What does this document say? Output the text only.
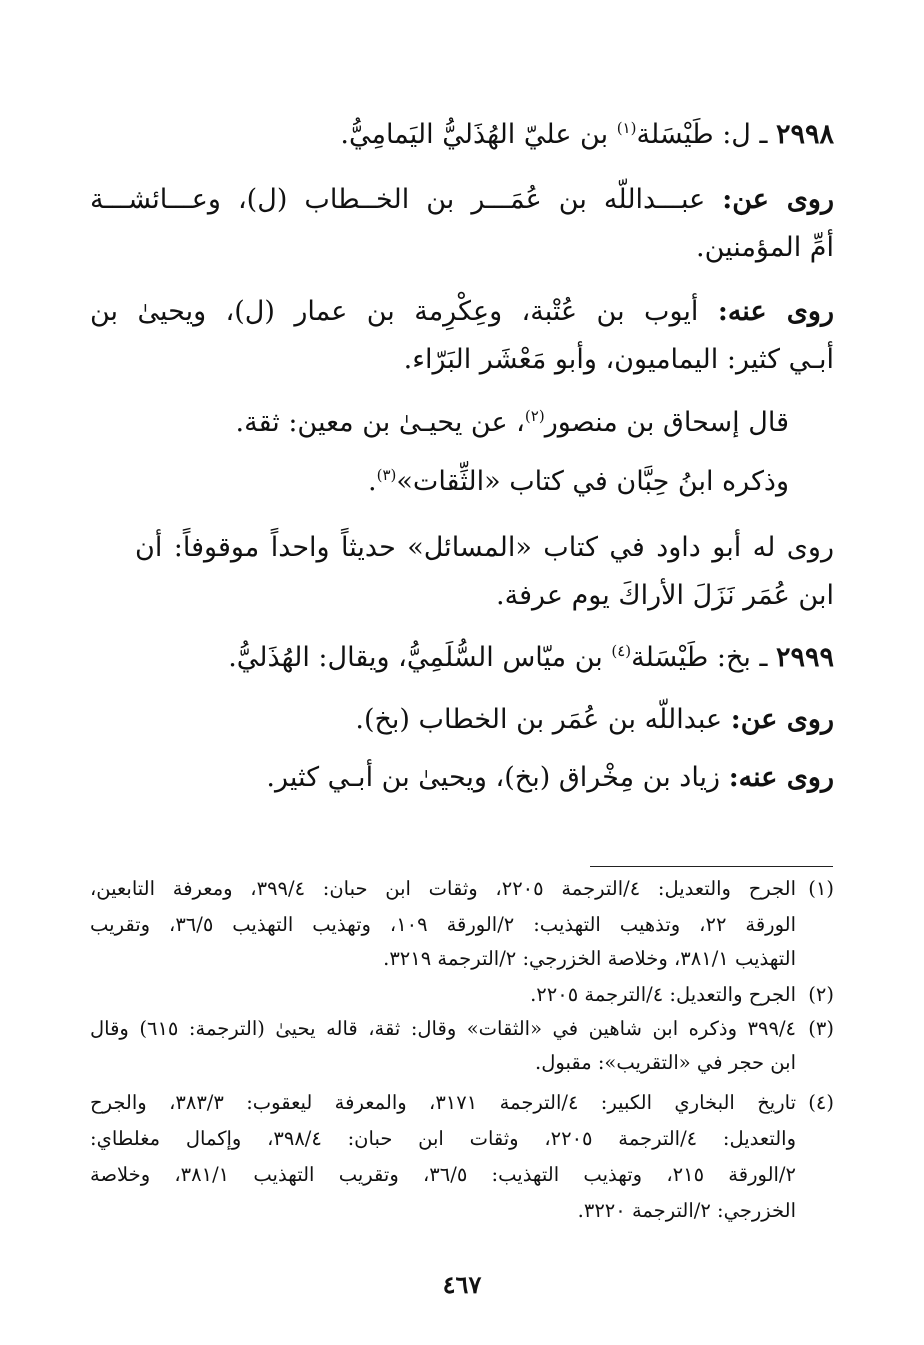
٢٩٩٨ ـ ل: طَيْسَلة$^{(١)}$ بن عليّ الهُذَليُّ اليَمامِيُّ.
روى عن: عبـــداللّه بن عُمَـــر بن الخــطاب (ل)، وعـــائشـــة
أمِّ المؤمنين.
روى عنه: أيوب بن عُتْبة، وعِكْرِمة بن عمار (ل)، ويحيىٰ بن
أبـي كثير: اليماميون، وأبو مَعْشَر البَرّاء.
قال إسحاق بن منصور$^{(٢)}$، عن يحيـىٰ بن معين: ثقة.
وذكره ابنُ حِبَّان في كتاب «الثِّقات»$^{(٣)}$.
روى له أبو داود في كتاب «المسائل» حديثاً واحداً موقوفاً: أن
ابن عُمَر نَزَلَ الأراكَ يوم عرفة.
٢٩٩٩ ـ بخ: طَيْسَلة$^{(٤)}$ بن ميّاس السُّلَمِيُّ، ويقال: الهُذَليُّ.
روى عن: عبداللّه بن عُمَر بن الخطاب (بخ).
روى عنه: زياد بن مِخْراق (بخ)، ويحيىٰ بن أبـي كثير.
(١)
الجرح والتعديل: ٤/الترجمة ٢٢٠٥، وثقات ابن حبان: ٣٩٩/٤، ومعرفة التابعين،
الورقة ٢٢، وتذهيب التهذيب: ٢/الورقة ١٠٩، وتهذيب التهذيب ٣٦/٥، وتقريب
التهذيب ٣٨١/١، وخلاصة الخزرجي: ٢/الترجمة ٣٢١٩.
(٢)
الجرح والتعديل: ٤/الترجمة ٢٢٠٥.
(٣)
٣٩٩/٤ وذكره ابن شاهين في «الثقات» وقال: ثقة، قاله يحيىٰ (الترجمة: ٦١٥) وقال
ابن حجر في «التقريب»: مقبول.
(٤)
تاريخ البخاري الكبير: ٤/الترجمة ٣١٧١، والمعرفة ليعقوب: ٣٨٣/٣، والجرح
والتعديل: ٤/الترجمة ٢٢٠٥، وثقات ابن حبان: ٣٩٨/٤، وإكمال مغلطاي:
٢/الورقة ٢١٥، وتهذيب التهذيب: ٣٦/٥، وتقريب التهذيب ٣٨١/١، وخلاصة
الخزرجي: ٢/الترجمة ٣٢٢٠.
٤٦٧
